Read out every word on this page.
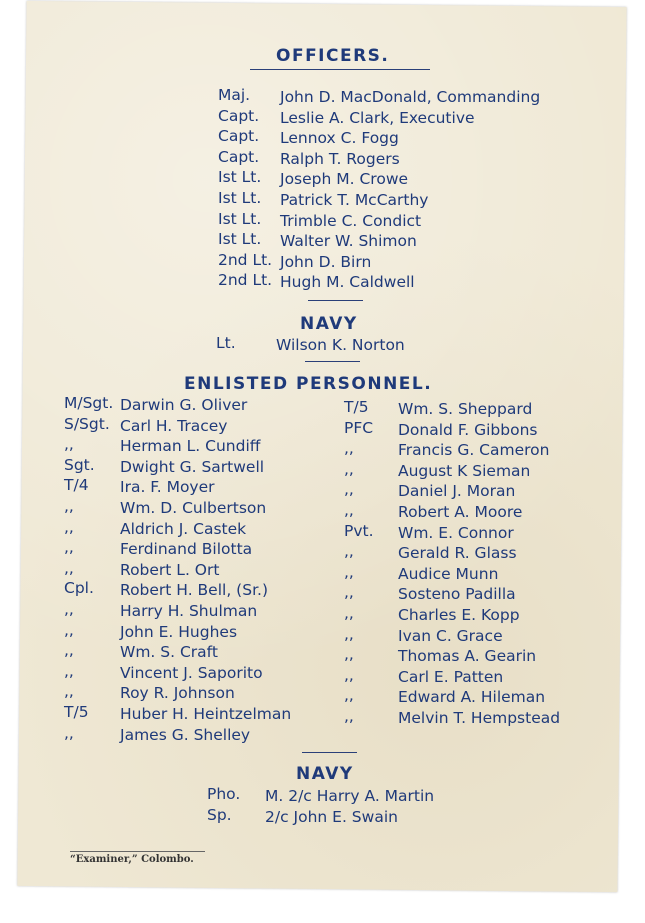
OFFICERS.
Maj. John D. MacDonald, Commanding
Capt. Leslie A. Clark, Executive
Capt. Lennox C. Fogg
Capt. Ralph T. Rogers
Ist Lt. Joseph M. Crowe
Ist Lt. Patrick T. McCarthy
Ist Lt. Trimble C. Condict
Ist Lt. Walter W. Shimon
2nd Lt. John D. Birn
2nd Lt. Hugh M. Caldwell
NAVY
Lt.	Wilson K. Norton
ENLISTED PERSONNEL.
M/Sgt. Darwin G. Oliver
S/Sgt. Carl H. Tracey
,,	Herman L. Cundiff
Sgt. Dwight G. Sartwell
T/4 Ira. F. Moyer
,,	Wm. D. Culbertson
,,	Aldrich J. Castek
,,	Ferdinand Bilotta
,,	Robert L. Ort
Cpl. Robert H. Bell, (Sr.)
,,	Harry H. Shulman
,,	John E. Hughes
,,	Wm. S. Craft
,,	Vincent J. Saporito
,,	Roy R. Johnson
T/5 Huber H. Heintzelman
,,	James G. Shelley
T/5 Wm. S. Sheppard
PFC Donald F. Gibbons
,,	Francis G. Cameron
,,	August K Sieman
,,	Daniel J. Moran
,,	Robert A. Moore
Pvt. Wm. E. Connor
,,	Gerald R. Glass
,,	Audice Munn
,,	Sosteno Padilla
,,	Charles E. Kopp
,,	Ivan C. Grace
,,	Thomas A. Gearin
,,	Carl E. Patten
,,	Edward A. Hileman
,,	Melvin T. Hempstead
NAVY
Pho. M. 2/c Harry A. Martin
Sp. 2/c John E. Swain
“Examiner,” Colombo.
